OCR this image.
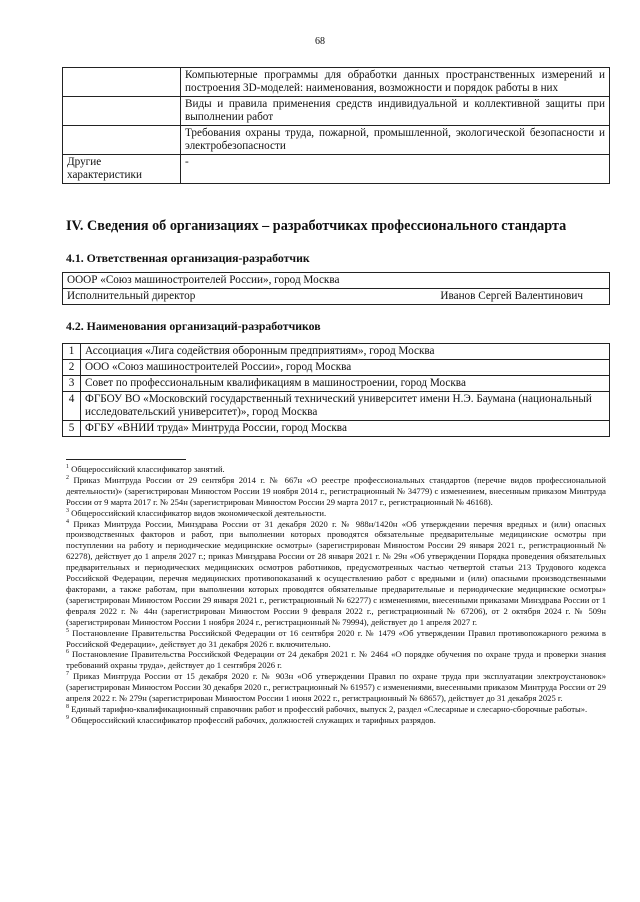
68
	Компьютерные программы для обработки данных пространственных измерений и построения 3D-моделей: наименования, возможности и порядок работы в них
	Виды и правила применения средств индивидуальной и коллективной защиты при выполнении работ
	Требования охраны труда, пожарной, промышленной, экологической безопасности и электробезопасности
Другие характеристики	-
IV. Сведения об организациях – разработчиках профессионального стандарта
4.1. Ответственная организация-разработчик
ОООР «Союз машиностроителей России», город Москва

Исполнительный директор	Иванов Сергей Валентинович
4.2. Наименования организаций-разработчиков
1	Ассоциация «Лига содействия оборонным предприятиям», город Москва
2	ООО «Союз машиностроителей России», город Москва
3	Совет по профессиональным квалификациям в машиностроении, город Москва
4	ФГБОУ ВО «Московский государственный технический университет имени Н.Э. Баумана (национальный исследовательский университет)», город Москва
5	ФГБУ «ВНИИ труда» Минтруда России, город Москва
$^1$ Общероссийский классификатор занятий.
$^2$ Приказ Минтруда России от 29 сентября 2014 г. № 667н «О реестре профессиональных стандартов (перечне видов профессиональной деятельности)» (зарегистрирован Минюстом России 19 ноября 2014 г., регистрационный № 34779) с изменением, внесенным приказом Минтруда России от 9 марта 2017 г. № 254н (зарегистрирован Минюстом России 29 марта 2017 г., регистрационный № 46168).
$^3$ Общероссийский классификатор видов экономической деятельности.
$^4$ Приказ Минтруда России, Минздрава России от 31 декабря 2020 г. № 988н/1420н «Об утверждении перечня вредных и (или) опасных производственных факторов и работ, при выполнении которых проводятся обязательные предварительные медицинские осмотры при поступлении на работу и периодические медицинские осмотры» (зарегистрирован Минюстом России 29 января 2021 г., регистрационный № 62278), действует до 1 апреля 2027 г.; приказ Минздрава России от 28 января 2021 г. № 29н «Об утверждении Порядка проведения обязательных предварительных и периодических медицинских осмотров работников, предусмотренных частью четвертой статьи 213 Трудового кодекса Российской Федерации, перечня медицинских противопоказаний к осуществлению работ с вредными и (или) опасными производственными факторами, а также работам, при выполнении которых проводятся обязательные предварительные и периодические медицинские осмотры» (зарегистрирован Минюстом России 29 января 2021 г., регистрационный № 62277) с изменениями, внесенными приказами Минздрава России от 1 февраля 2022 г. № 44н (зарегистрирован Минюстом России 9 февраля 2022 г., регистрационный № 67206), от 2 октября 2024 г. № 509н (зарегистрирован Минюстом России 1 ноября 2024 г., регистрационный № 79994), действует до 1 апреля 2027 г.
$^5$ Постановление Правительства Российской Федерации от 16 сентября 2020 г. № 1479 «Об утверждении Правил противопожарного режима в Российской Федерации», действует до 31 декабря 2026 г. включительно.
$^6$ Постановление Правительства Российской Федерации от 24 декабря 2021 г. № 2464 «О порядке обучения по охране труда и проверки знания требований охраны труда», действует до 1 сентября 2026 г.
$^7$ Приказ Минтруда России от 15 декабря 2020 г. № 903н «Об утверждении Правил по охране труда при эксплуатации электроустановок» (зарегистрирован Минюстом России 30 декабря 2020 г., регистрационный № 61957) с изменениями, внесенными приказом Минтруда России от 29 апреля 2022 г. № 279н (зарегистрирован Минюстом России 1 июня 2022 г., регистрационный № 68657), действует до 31 декабря 2025 г.
$^8$ Единый тарифно-квалификационный справочник работ и профессий рабочих, выпуск 2, раздел «Слесарные и слесарно-сборочные работы».
$^9$ Общероссийский классификатор профессий рабочих, должностей служащих и тарифных разрядов.
